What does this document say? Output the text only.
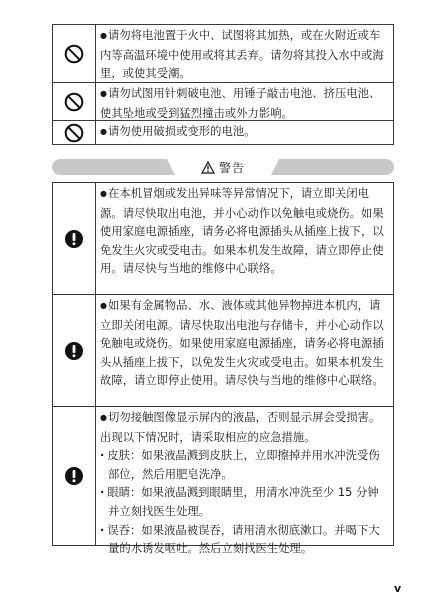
● 请勿将电池置于火中、试图将其加热，或在火附近或车内等高温环境中使用或将其丢弃。请勿将其投入水中或海里，或使其受潮。
● 请勿试图用针刺破电池、用锤子敲击电池、挤压电池、使其坠地或受到猛烈撞击或外力影响。
● 请勿使用破损或变形的电池。
警告
● 在本机冒烟或发出异味等异常情况下，请立即关闭电源。请尽快取出电池，并小心动作以免触电或烧伤。如果使用家庭电源插座，请务必将电源插头从插座上拔下，以免发生火灾或受电击。如果本机发生故障，请立即停止使用。请尽快与当地的维修中心联络。
● 如果有金属物品、水、液体或其他异物掉进本机内，请立即关闭电源。请尽快取出电池与存储卡，并小心动作以免触电或烧伤。如果使用家庭电源插座，请务必将电源插头从插座上拔下，以免发生火灾或受电击。如果本机发生故障，请立即停止使用。请尽快与当地的维修中心联络。
● 切勿接触图像显示屏内的液晶，否则显示屏会受损害。出现以下情况时，请采取相应的应急措施。
· 皮肤：如果液晶溅到皮肤上，立即擦掉并用水冲洗受伤部位，然后用肥皂洗净。
· 眼睛：如果液晶溅到眼睛里，用清水冲洗至少 15 分钟并立刻找医生处理。
· 误吞：如果液晶被误吞，请用清水彻底漱口。并喝下大量的水诱发呕吐。然后立刻找医生处理。
v
